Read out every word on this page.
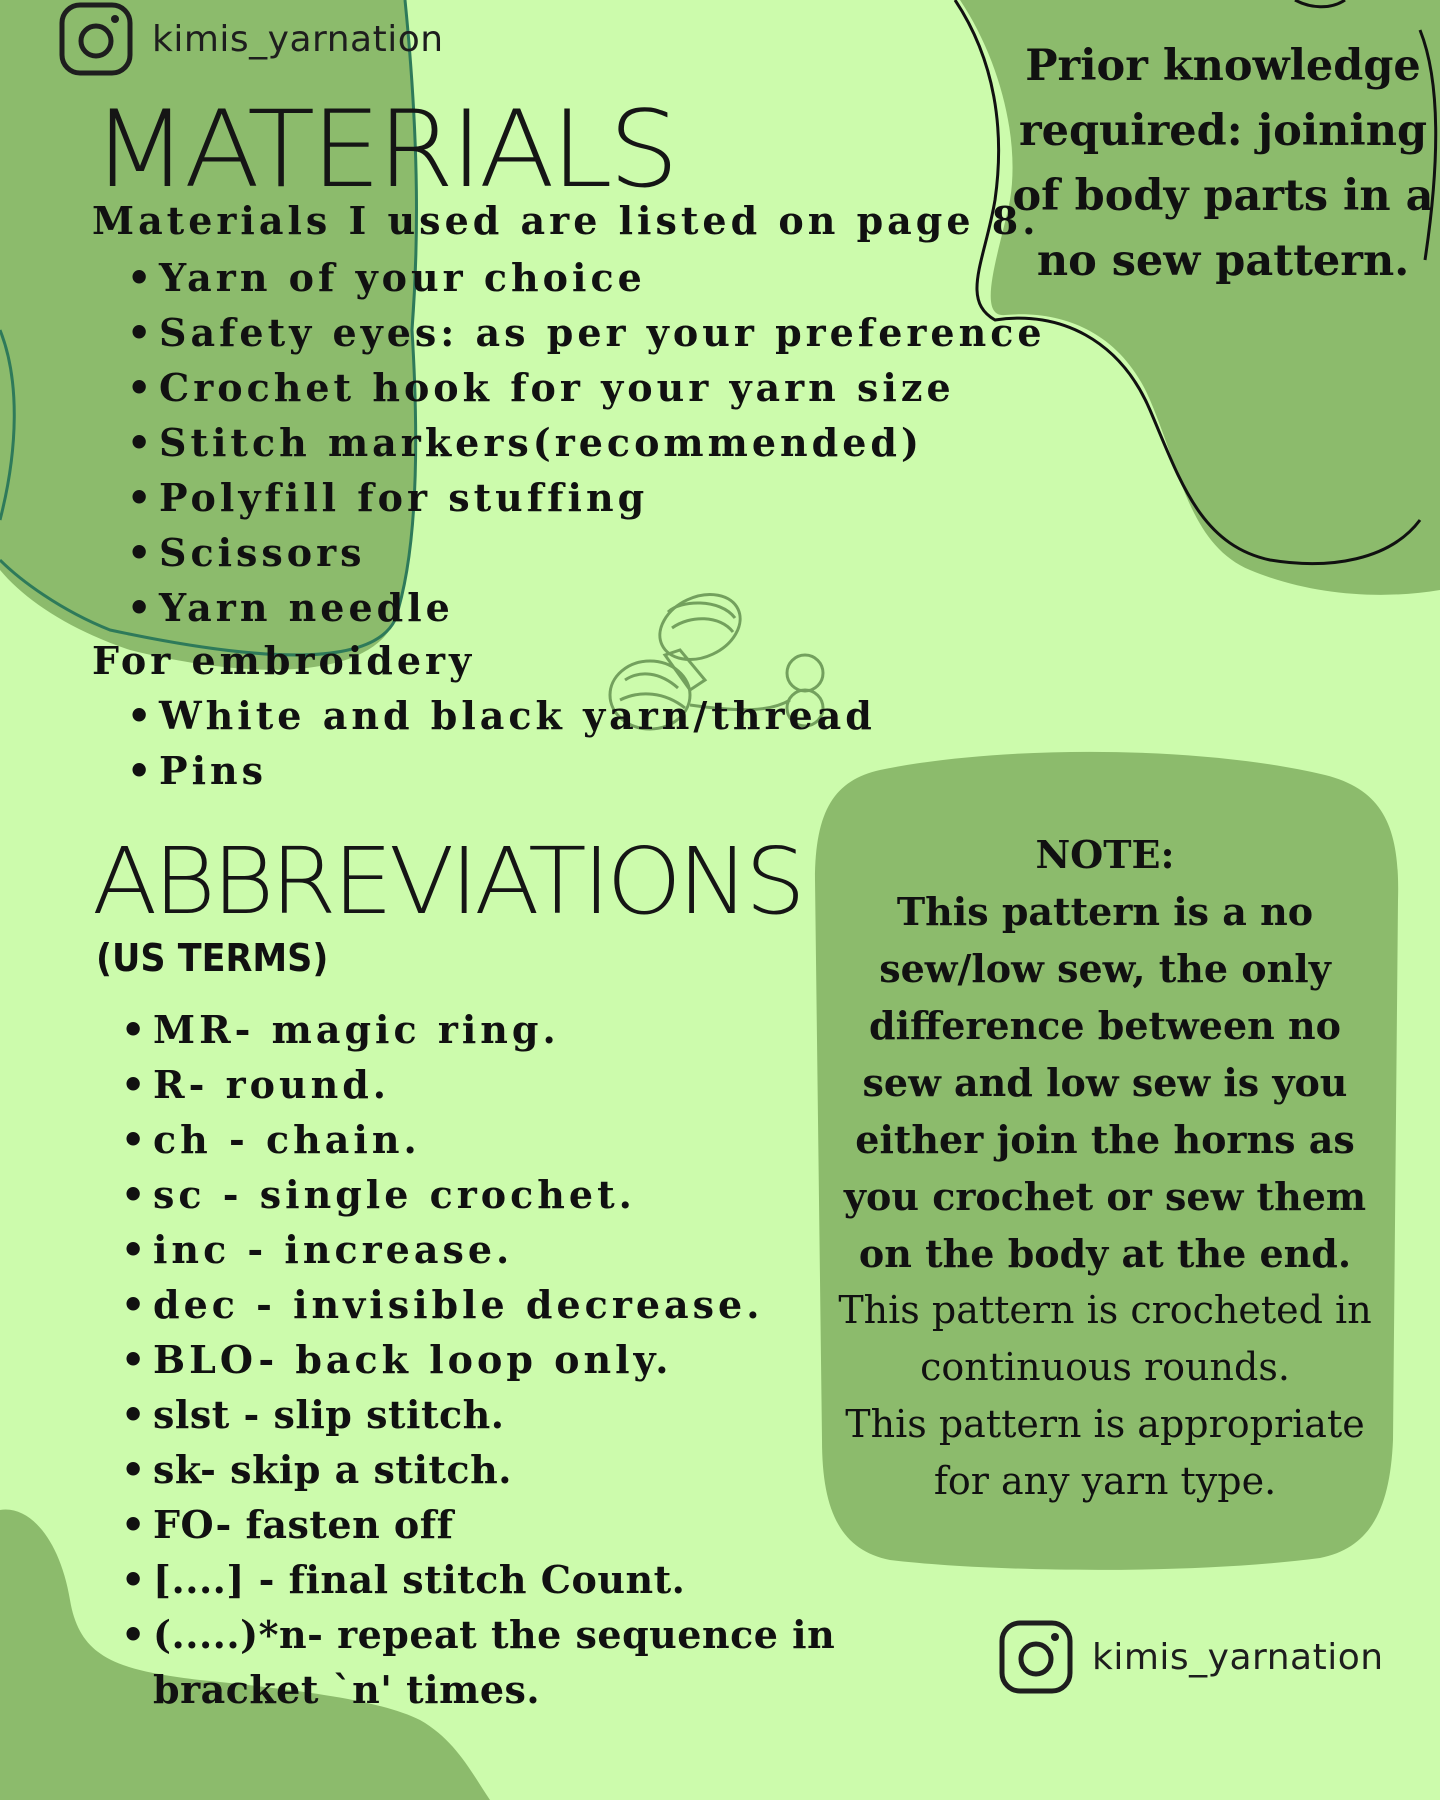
kimis_yarnation
MATERIALS
Materials I used are listed on page 8.
• Yarn of your choice
• Safety eyes: as per your preference
• Crochet hook for your yarn size
• Stitch markers(recommended)
• Polyfill for stuffing
• Scissors
• Yarn needle
For embroidery
• White and black yarn/thread
• Pins
Prior knowledge required: joining of body parts in a no sew pattern.
ABBREVIATIONS
(US TERMS)
• MR- magic ring.
• R- round.
• ch - chain.
• sc - single crochet.
• inc - increase.
• dec - invisible decrease.
• BLO- back loop only.
• slst - slip stitch.
• sk- skip a stitch.
• FO- fasten off
• [....] - final stitch Count.
• (.....)*n- repeat the sequence in bracket `n' times.

NOTE:

This pattern is a no sew/low sew, the only difference between no sew and low sew is you either join the horns as you crochet or sew them on the body at the end.

This pattern is crocheted in continuous rounds.

This pattern is appropriate for any yarn type.

kimis_yarnation
